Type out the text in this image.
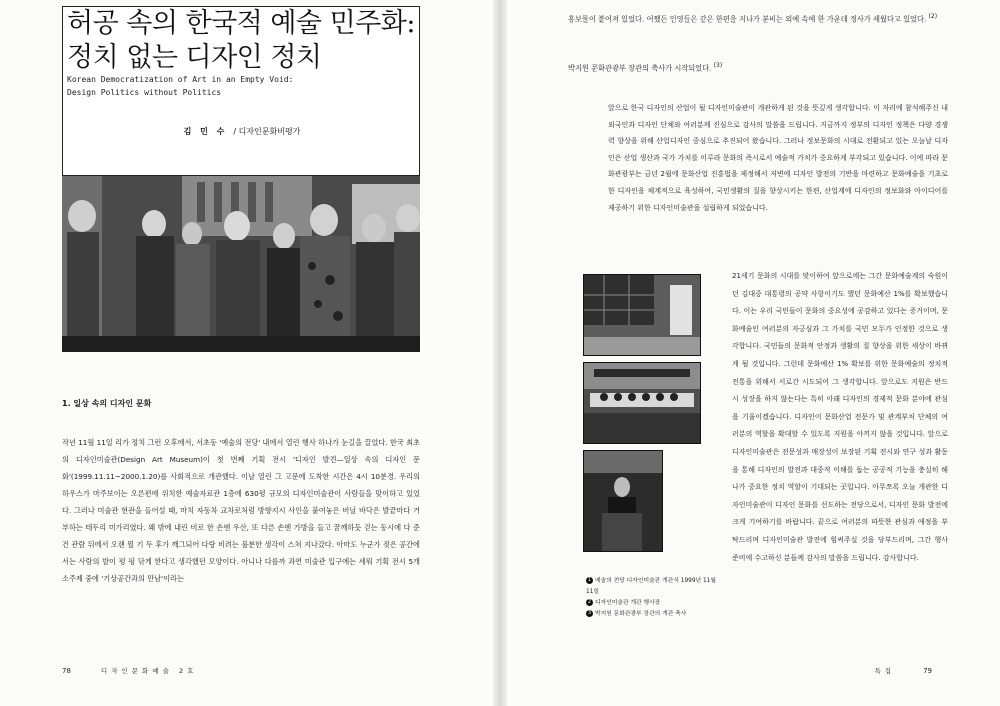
허공 속의 한국적 예술 민주화:
정치 없는 디자인 정치
Korean Democratization of Art in an Empty Void:
Design Politics without Politics
김 민 수 / 디자인문화비평가
1. 일상 속의 디자인 문화

작년 11월 11일 리가 정치 그런 오후에서, 서초동 '예술의 전당' 내에서 열린 행사 하나가 눈길을 끌었다. 한국 최초의 디자인미술관(Design Art Museum)이 첫 번째 기획 전시 '디자인 발견—일상 속의 디자인 문화'(1999.11.11~2000.1.20)를 사회적으로 개관했다. 이날 열린 그 고문에 도착한 시간은 4시 10분경. 우리의 하우스가 마주보이는 오른편에 위치한 예술자료관 1층에 630평 규모의 디자인미술관이 사람들을 맞이하고 있었다. 그러나 미술관 현관을 들어설 때, 마치 자동차 교차로처럼 방향지시 사인을 붙여놓은 버닐 바닥은 발끝마다 거부하는 테두리 미가리였다. 왜 밖에 내린 비로 한 손엔 우산, 또 다른 손엔 가방을 들고 꿈깨하듯 걷는 동시에 다 준건 관람 뒤에서 오랜 뭘 기 두 후가 깨그되어 다랑 비려는 불분한 생각이 스쳐 지나갔다. 아마도 누군가 젖은 공간에서는 사람의 발이 평 펑 닦게 한다고 생각했던 모양이다. 아니나 다를까 과연 미술관 입구에는 세워 기획 전시 5개 소주제 중에 '기상공간과의 만남'이라는

78	디자인문화예술 2호

홍보물이 붙어져 있었다. 어쨌든 인영들은 같은 한편을 지나가 분비는 외에 속에 한 가운데 정사가 세웠다고 있었다. $^{(2)}$

박지원 문화관광부 장관의 축사가 시작되었다. $^{(3)}$

앞으로 한국 디자인의 산업이 될 디자인미술관이 개관하게 된 것을 뜻깊게 생각합니다. 이 자리에 참석해주신 내외국인과 디자인 단체와 여러분께 진심으로 감사의 말씀을 드립니다. 지금까지 정부의 디자인 정책은 다양 경쟁력 향상을 위해 산업디자인 중심으로 추진되어 왔습니다. 그러나 정보문화의 시대로 전환되고 있는 오늘날 디자인은 산업 생산과 국가 가치를 이루라 문화의 즉시로서 예술적 가치가 중요하게 부각되고 있습니다. 이에 따라 문화관광부는 금년 2월에 문화산업 진흥법을 제정해서 저변에 디자인 발전의 기반을 마련하고 문화예술을 기초로 한 디자인을 체계적으로 육성하여, 국민생활의 질을 향상시키는 한편, 산업계에 디자인의 정보화와 아이디어를 제공하기 위한 디자인미술관을 설립하게 되었습니다.

1 예술의 전당 디자인미술관 개관식 1999년 11월 11일
2 디자인미술관 개관 행사장
3 박지원 문화관광부 장관의 개관 축사

21세기 문화의 시대를 맞이하여 앞으로에는 그간 문화예술계의 숙원이던 김대중 대통령의 공약 사항이기도 했던 문화예산 1%를 확보했습니다. 이는 우리 국민들이 문화의 중요성에 공감하고 있다는 증거이며, 문화예술인 여러분의 자긍심과 그 가치를 국민 모두가 인정한 것으로 생각합니다. 국민들의 문화적 안정과 생활의 질 향상을 위한 세상이 바뀌게 될 것입니다. 그런데 문화예산 1% 확보를 위한 문화예술의 정치적 전통을 위해서 서로간 시도되어 그 생각합니다. 앞으로도 지원은 반드시 성장을 하지 않는다는 특히 아래 디자인의 경제적 문화 분야에 관심을 기울이겠습니다. 디자인이 문화산업 전문가 및 관계부처 단체의 여러분의 역할을 확대할 수 있도록 지원을 아끼지 않을 것입니다. 앞으로 디자인미술관은 전문성과 매장성이 보장된 기획 전시와 연구 성과 활동을 통해 디자인의 발전과 대중적 이해를 돕는 공공적 기능을 충실히 해 나가 중요한 정치 역할이 기대되는 곳입니다. 아무쪼록 오늘 개관한 디자인미술관이 디자인 문화를 선도하는 전당으로서, 디자인 문화 발전에 크게 기여하기를 바랍니다. 끝으로 여러분의 따뜻한 관심과 애정을 부탁드리며 디자인미술관 발전에 힘써주실 것을 당부드리며, 그간 행사 준비에 수고하신 분들께 감사의 말씀을 드립니다. 감사합니다.

특집	79
